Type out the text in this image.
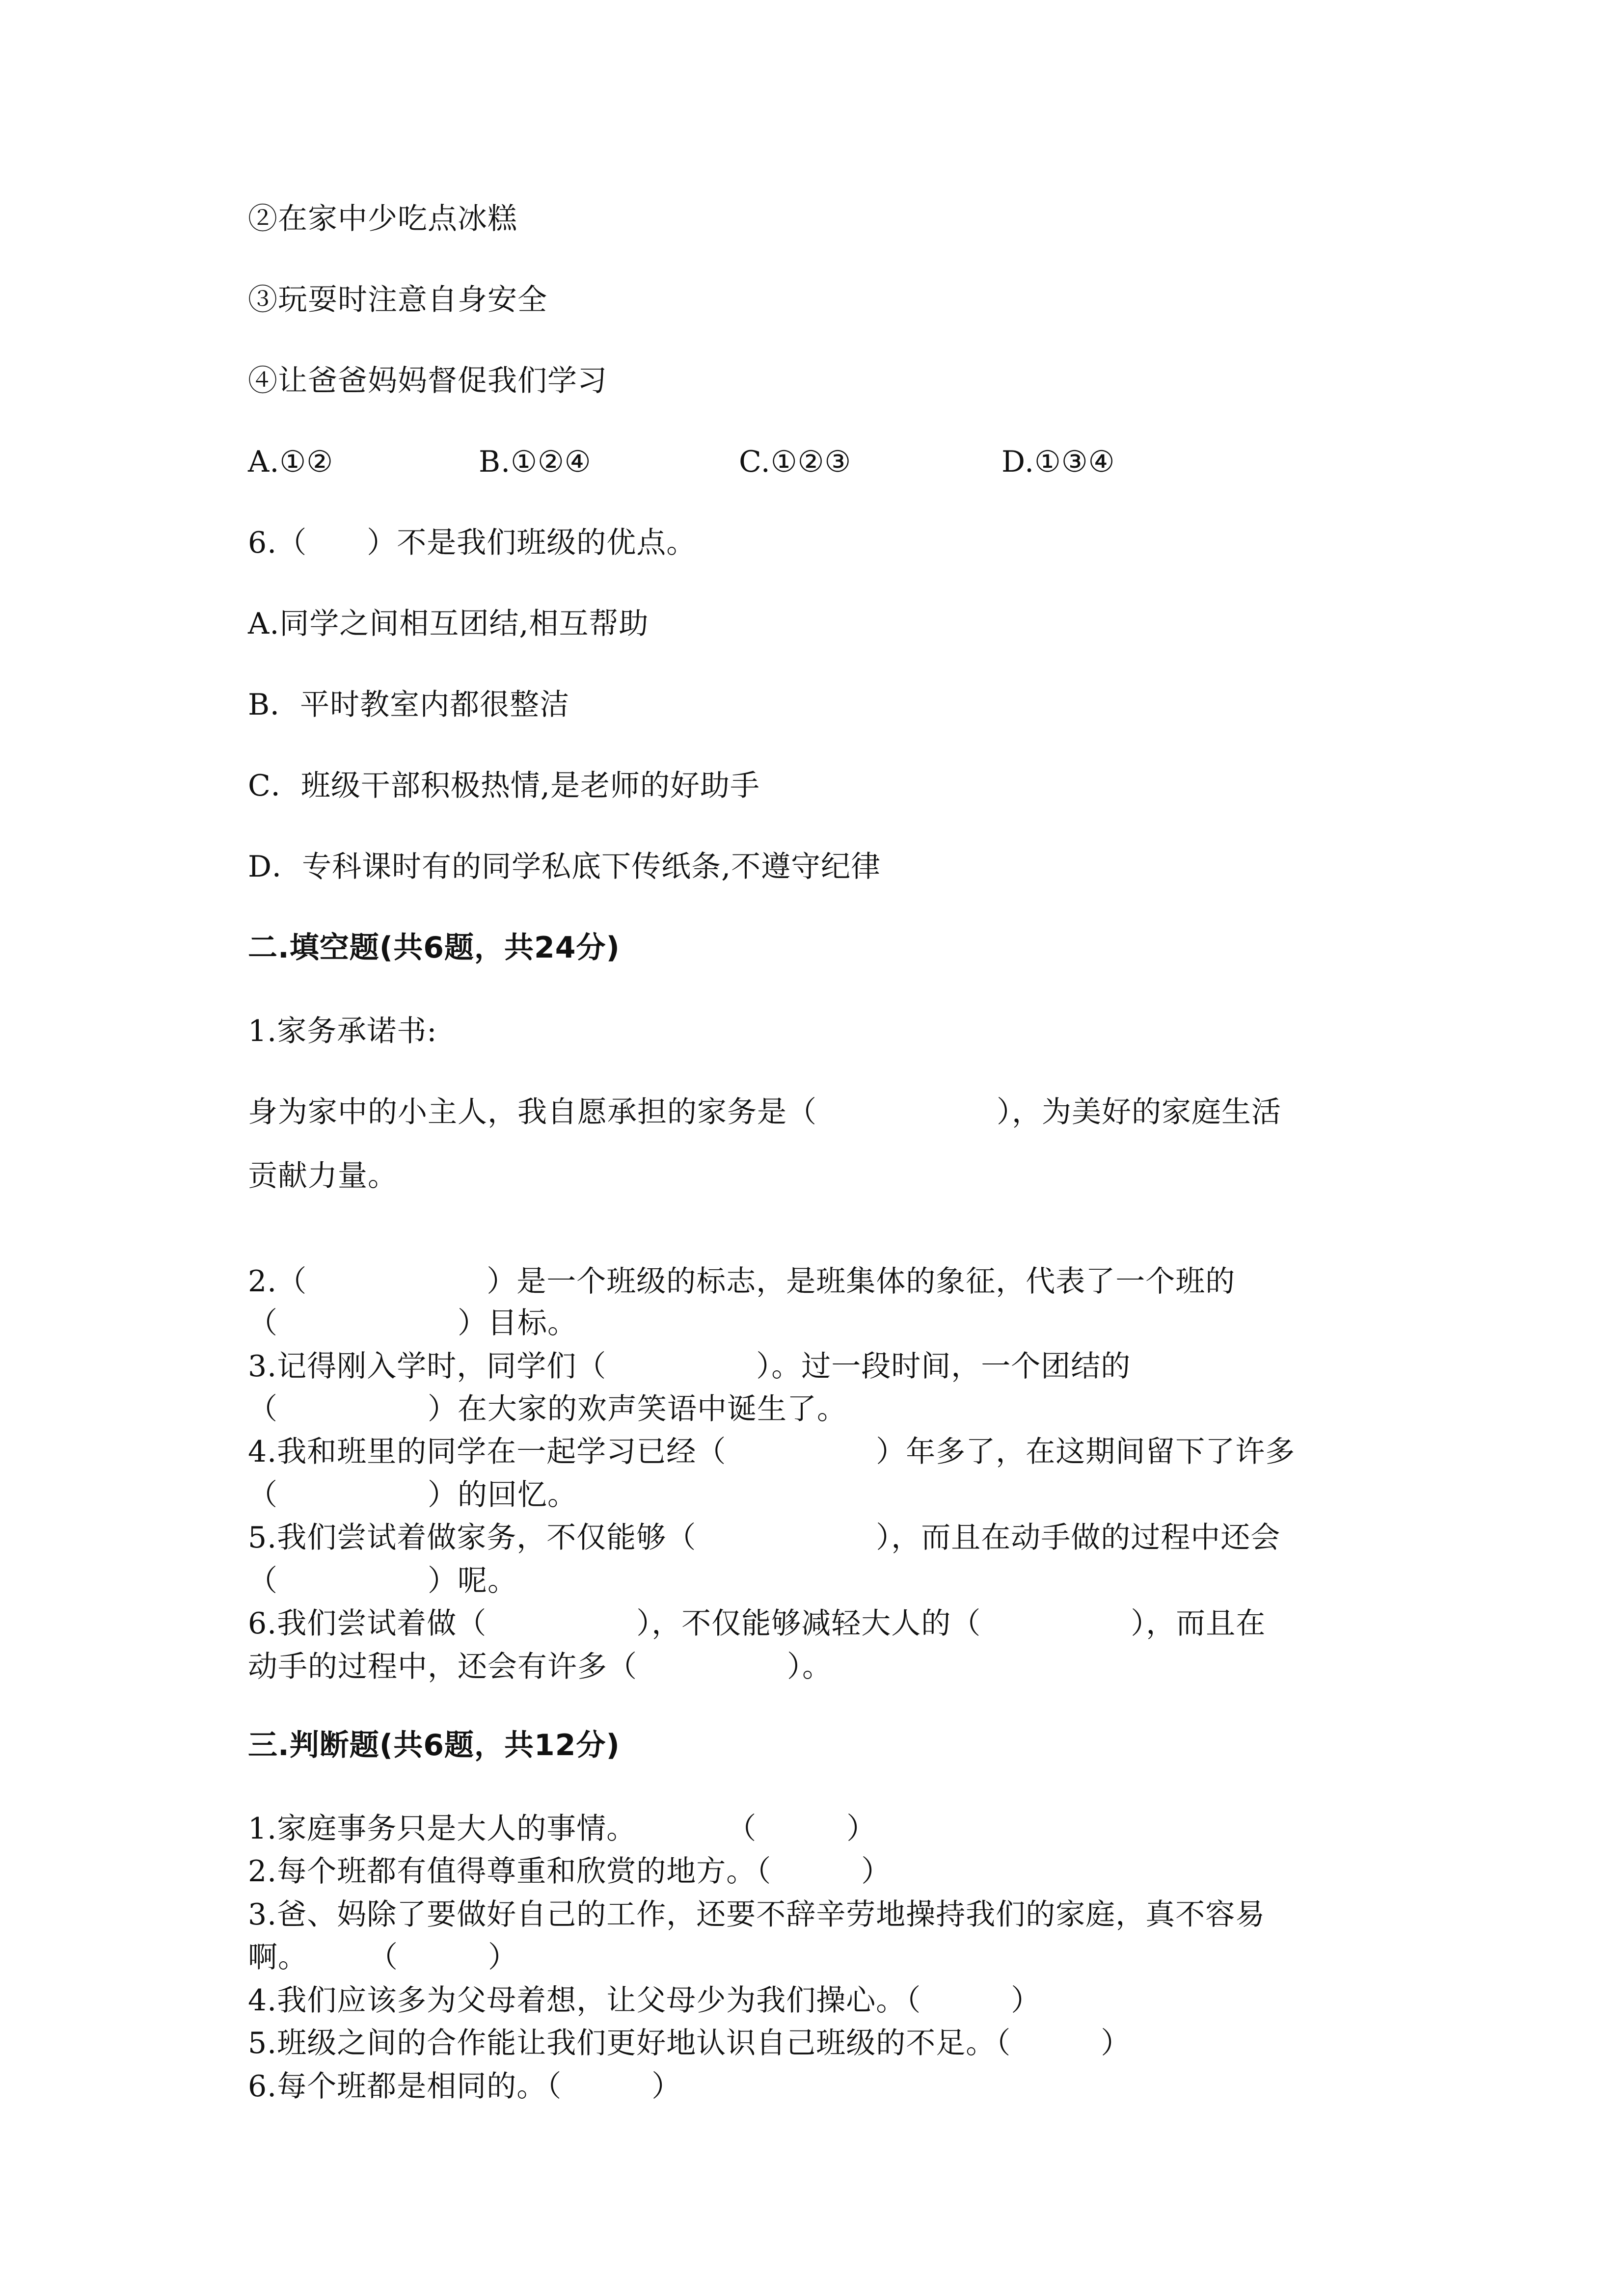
②在家中少吃点冰糕
③玩耍时注意自身安全
④让爸爸妈妈督促我们学习
A.①②	B.①②④	C.①②③	D.①③④
6.（　　）不是我们班级的优点。
A.同学之间相互团结,相互帮助
B．平时教室内都很整洁
C．班级干部积极热情,是老师的好助手
D．专科课时有的同学私底下传纸条,不遵守纪律
二.填空题(共6题，共24分)
1.家务承诺书:
身为家中的小主人，我自愿承担的家务是（　　　　　　），为美好的家庭生活
贡献力量。
2.（　　　　　　）是一个班级的标志，是班集体的象征，代表了一个班的
（　　　　　　）目标。
3.记得刚入学时，同学们（　　　　　）。过一段时间，一个团结的
（　　　　　）在大家的欢声笑语中诞生了。
4.我和班里的同学在一起学习已经（　　　　　）年多了，在这期间留下了许多
（　　　　　）的回忆。
5.我们尝试着做家务，不仅能够（　　　　　　），而且在动手做的过程中还会
（　　　　　）呢。
6.我们尝试着做（　　　　　），不仅能够减轻大人的（　　　　　），而且在
动手的过程中，还会有许多（　　　　　）。
三.判断题(共6题，共12分)
1.家庭事务只是大人的事情。　　　　（　　　）
2.每个班都有值得尊重和欣赏的地方。（　　　）
3.爸、妈除了要做好自己的工作，还要不辞辛劳地操持我们的家庭，真不容易
啊。　　　（　　　）
4.我们应该多为父母着想，让父母少为我们操心。（　　　）
5.班级之间的合作能让我们更好地认识自己班级的不足。（　　　）
6.每个班都是相同的。（　　　）
